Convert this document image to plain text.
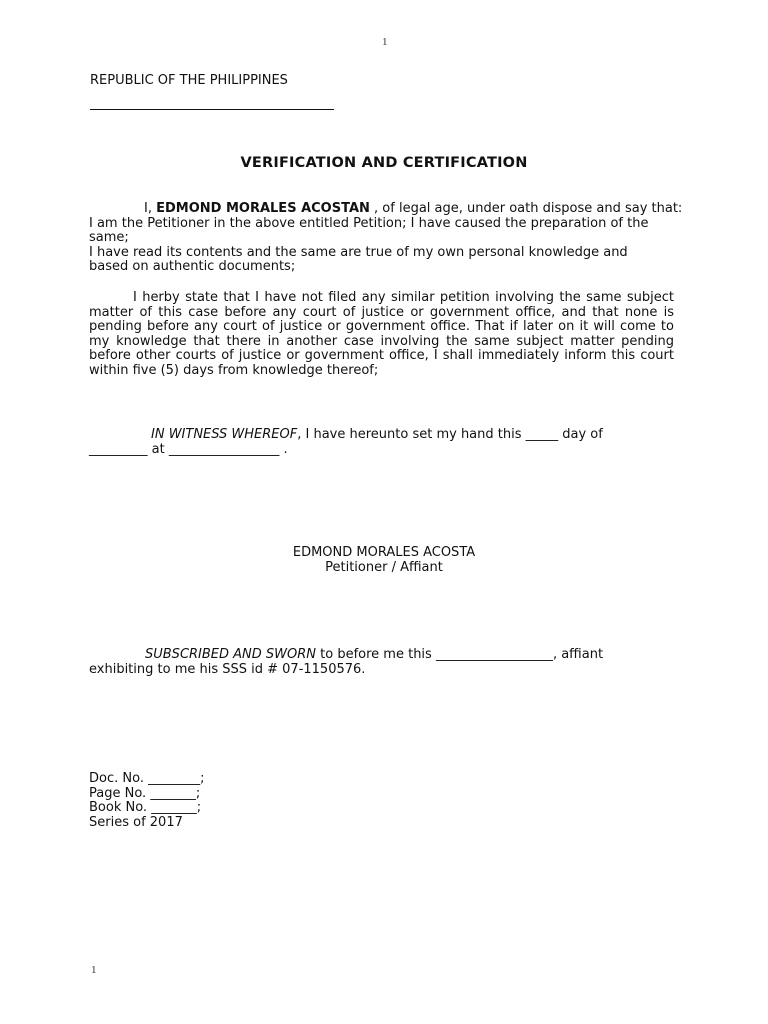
1
REPUBLIC OF THE PHILIPPINES
VERIFICATION AND CERTIFICATION
I, EDMOND MORALES ACOSTAN , of legal age, under oath dispose and say that:
I am the Petitioner in the above entitled Petition; I have caused the preparation of the
same;
I have read its contents and the same are true of my own personal knowledge and
based on authentic documents;
I herby state that I have not filed any similar petition involving the same subject matter of this case before any court of justice or government office, and that none is pending before any court of justice or government office. That if later on it will come to my knowledge that there in another case involving the same subject matter pending before other courts of justice or government office, I shall immediately inform this court within five (5) days from knowledge thereof;
IN WITNESS WHEREOF, I have hereunto set my hand this _____ day of
_________ at _________________ .
EDMOND MORALES ACOSTA
Petitioner / Affiant
SUBSCRIBED AND SWORN to before me this __________________, affiant
exhibiting to me his SSS id # 07-1150576.
Doc. No. ________;
Page No. _______;
Book No. _______;
Series of 2017
1
